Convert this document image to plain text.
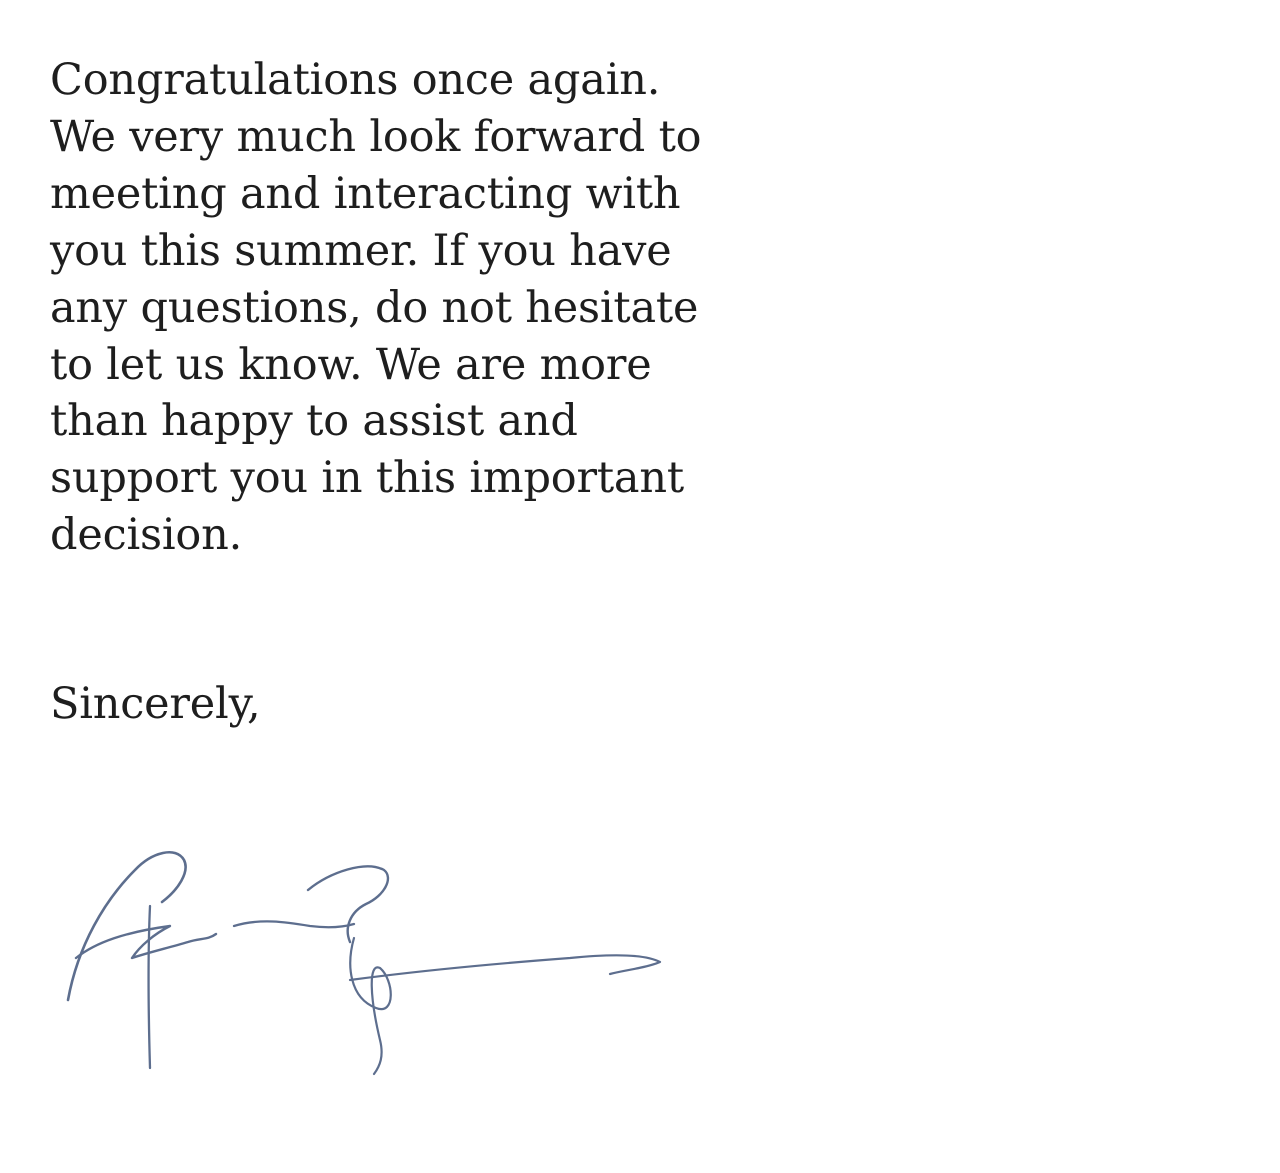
Congratulations once again.
We very much look forward to
meeting and interacting with
you this summer. If you have
any questions, do not hesitate
to let us know. We are more
than happy to assist and
support you in this important
decision.

Sincerely,
